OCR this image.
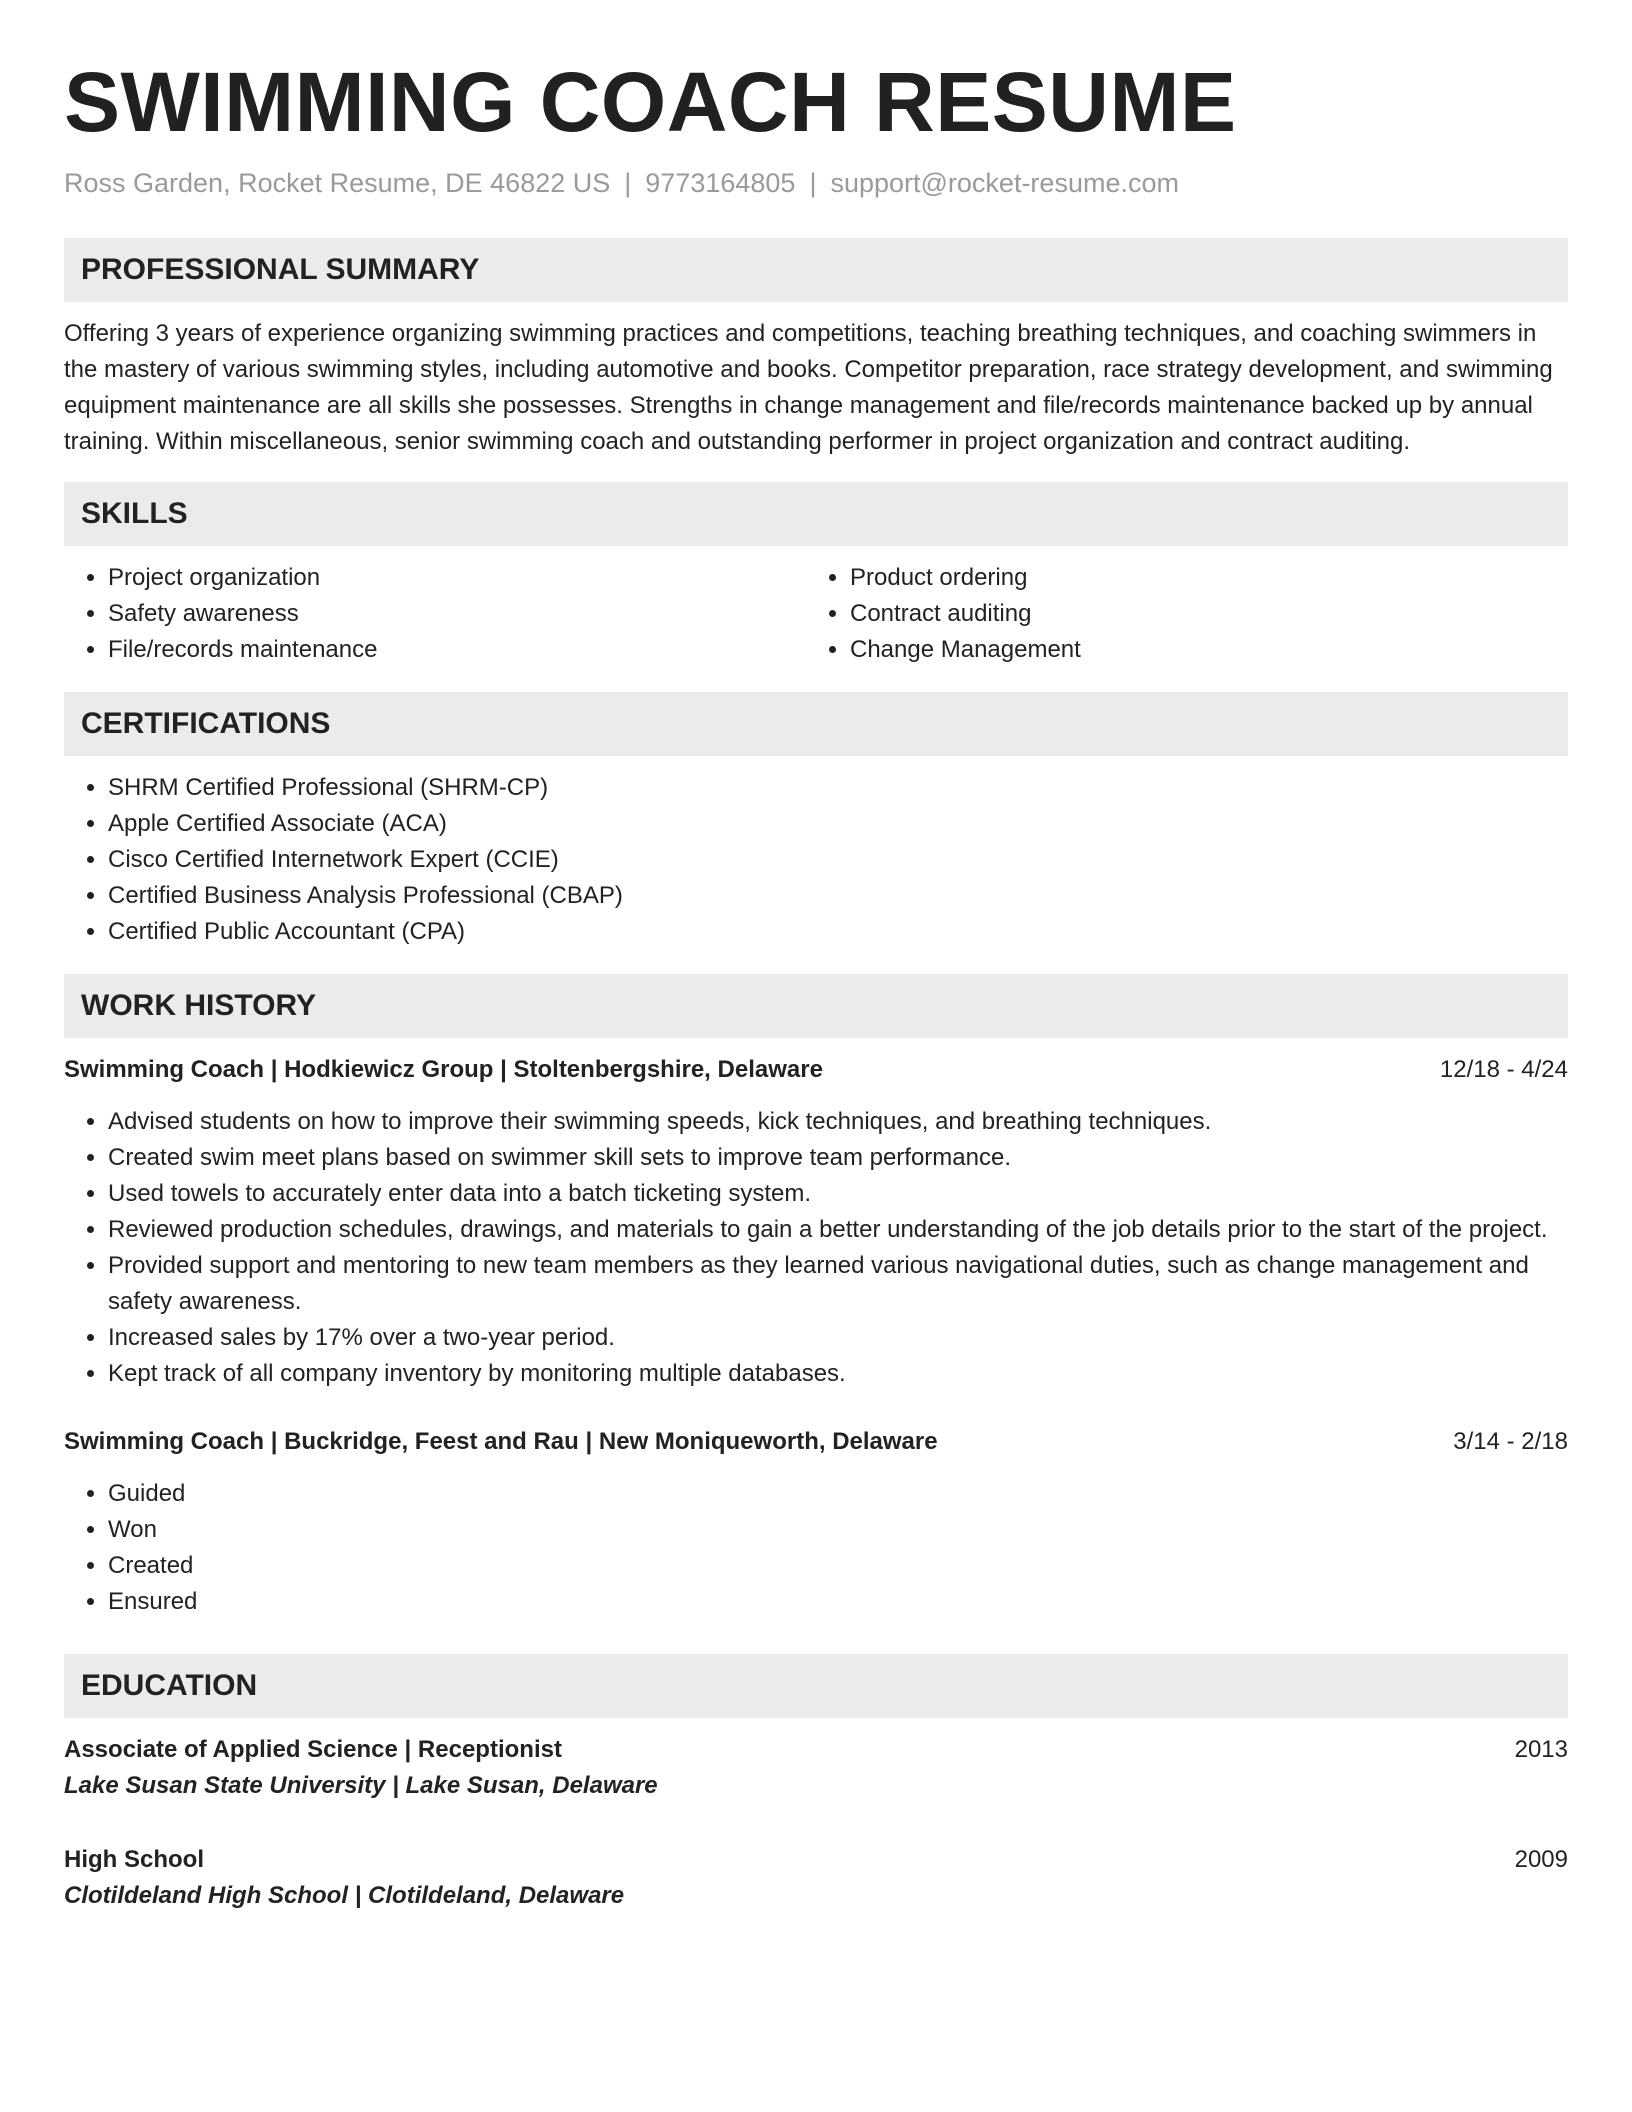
SWIMMING COACH RESUME
Ross Garden, Rocket Resume, DE 46822 US | 9773164805 | support@rocket-resume.com
PROFESSIONAL SUMMARY
Offering 3 years of experience organizing swimming practices and competitions, teaching breathing techniques, and coaching swimmers in the mastery of various swimming styles, including automotive and books. Competitor preparation, race strategy development, and swimming equipment maintenance are all skills she possesses. Strengths in change management and file/records maintenance backed up by annual training. Within miscellaneous, senior swimming coach and outstanding performer in project organization and contract auditing.
SKILLS
• Project organization
• Safety awareness
• File/records maintenance
• Product ordering
• Contract auditing
• Change Management
CERTIFICATIONS
• SHRM Certified Professional (SHRM-CP)
• Apple Certified Associate (ACA)
• Cisco Certified Internetwork Expert (CCIE)
• Certified Business Analysis Professional (CBAP)
• Certified Public Accountant (CPA)
WORK HISTORY
Swimming Coach | Hodkiewicz Group | Stoltenbergshire, Delaware	12/18 - 4/24
• Advised students on how to improve their swimming speeds, kick techniques, and breathing techniques.
• Created swim meet plans based on swimmer skill sets to improve team performance.
• Used towels to accurately enter data into a batch ticketing system.
• Reviewed production schedules, drawings, and materials to gain a better understanding of the job details prior to the start of the project.
• Provided support and mentoring to new team members as they learned various navigational duties, such as change management and safety awareness.
• Increased sales by 17% over a two-year period.
• Kept track of all company inventory by monitoring multiple databases.
Swimming Coach | Buckridge, Feest and Rau | New Moniqueworth, Delaware	3/14 - 2/18
• Guided
• Won
• Created
• Ensured
EDUCATION
Associate of Applied Science | Receptionist	2013
Lake Susan State University | Lake Susan, Delaware
High School	2009
Clotildeland High School | Clotildeland, Delaware
